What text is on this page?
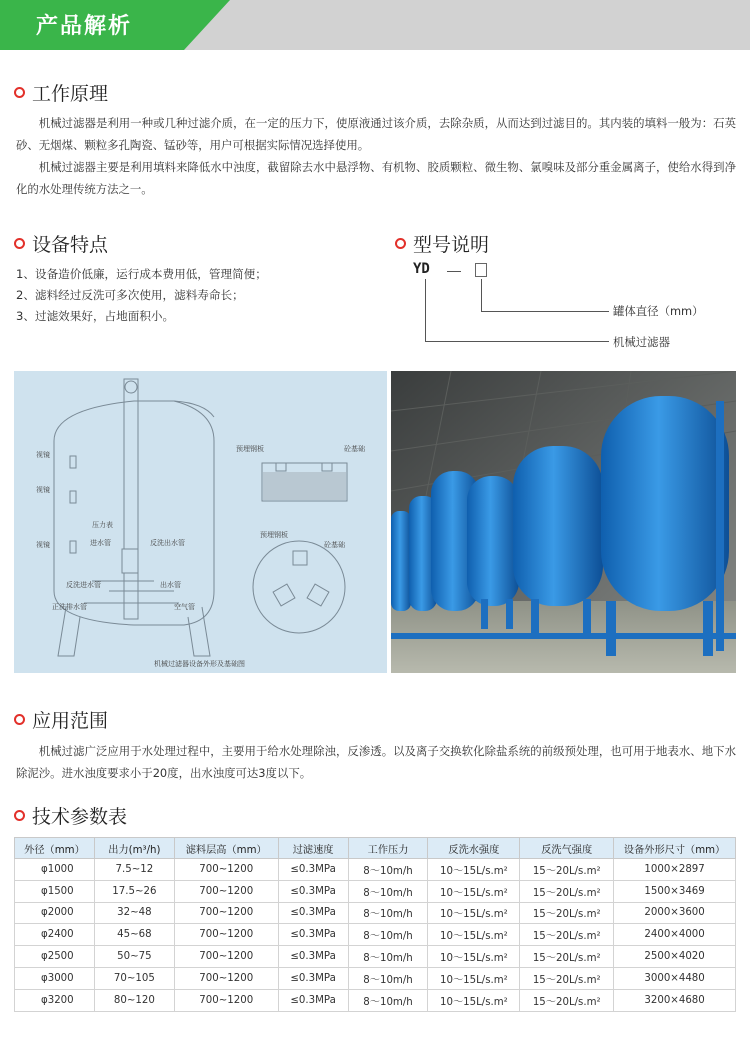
产品解析
工作原理

机械过滤器是利用一种或几种过滤介质，在一定的压力下，使原液通过该介质，去除杂质，从而达到过滤目的。其内装的填料一般为：石英砂、无烟煤、颗粒多孔陶瓷、锰砂等，用户可根据实际情况选择使用。

机械过滤器主要是利用填料来降低水中浊度，截留除去水中悬浮物、有机物、胶质颗粒、微生物、氯嗅味及部分重金属离子，使给水得到净化的水处理传统方法之一。

设备特点
1、设备造价低廉，运行成本费用低，管理简便；
2、滤料经过反洗可多次使用，滤料寿命长；
3、过滤效果好，占地面积小。
型号说明
YD
罐体直径（mm）
机械过滤器
视镜
视镜
视镜
压力表
进水管	反洗出水管
反洗进水管	出水管
正洗排水管	空气管
预埋钢板	砼基础
预埋钢板
砼基础
机械过滤器设备外形及基础图
应用范围

机械过滤广泛应用于水处理过程中，主要用于给水处理除浊，反渗透。以及离子交换软化除盐系统的前级预处理，也可用于地表水、地下水除泥沙。进水浊度要求小于20度，出水浊度可达3度以下。

技术参数表
外径（mm）	出力(m³/h)	滤料层高（mm）	过滤速度	工作压力	反洗水强度	反洗气强度	设备外形尺寸（mm）
φ1000	7.5~12	700~1200	≤0.3MPa	8～10m/h	10～15L/s.m²	15～20L/s.m²	1000×2897
φ1500	17.5~26	700~1200	≤0.3MPa	8～10m/h	10～15L/s.m²	15～20L/s.m²	1500×3469
φ2000	32~48	700~1200	≤0.3MPa	8～10m/h	10～15L/s.m²	15～20L/s.m²	2000×3600
φ2400	45~68	700~1200	≤0.3MPa	8～10m/h	10～15L/s.m²	15～20L/s.m²	2400×4000
φ2500	50~75	700~1200	≤0.3MPa	8～10m/h	10～15L/s.m²	15～20L/s.m²	2500×4020
φ3000	70~105	700~1200	≤0.3MPa	8～10m/h	10～15L/s.m²	15～20L/s.m²	3000×4480
φ3200	80~120	700~1200	≤0.3MPa	8～10m/h	10～15L/s.m²	15～20L/s.m²	3200×4680
